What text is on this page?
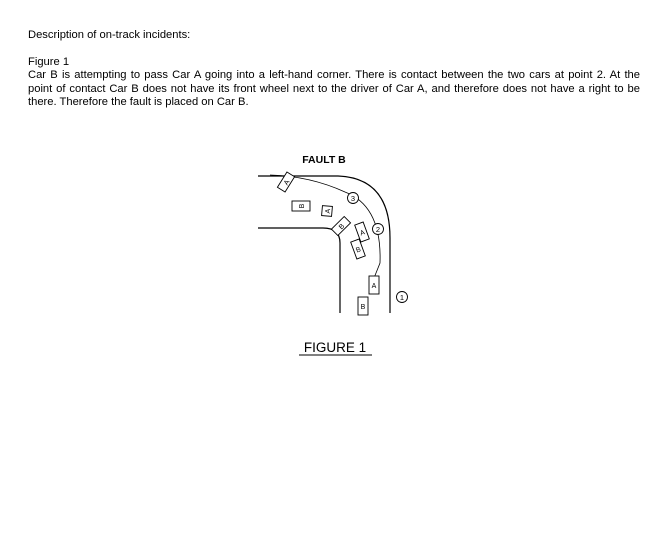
Description of on-track incidents:

Figure 1

Car B is attempting to pass Car A going into a left-hand corner. There is contact between the two cars at point 2. At the point of contact Car B does not have its front wheel next to the driver of Car A, and therefore does not have a right to be there. Therefore the fault is placed on Car B.

FAULT B
A
A
A
A
B
B
B
B
1
2
3
FIGURE 1
